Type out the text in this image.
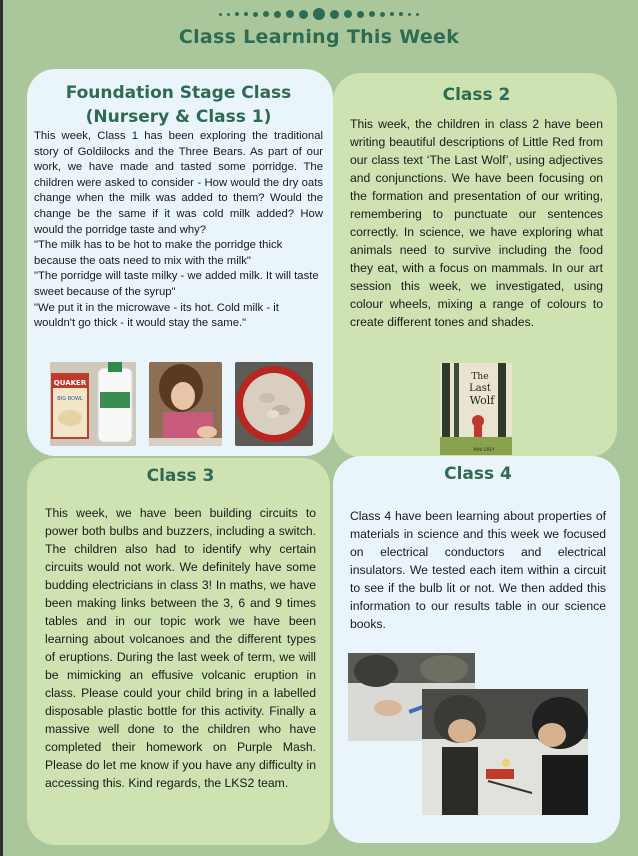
Class Learning This Week
Foundation Stage Class
(Nursery & Class 1)

This week, Class 1 has been exploring the traditional story of Goldilocks and the Three Bears. As part of our work, we have made and tasted some porridge. The children were asked to consider - How would the dry oats change when the milk was added to them? Would the change be the same if it was cold milk added? How would the porridge taste and why?

"The milk has to be hot to make the porridge thick because the oats need to mix with the milk"

"The porridge will taste milky - we added milk. It will taste sweet because of the syrup"

"We put it in the microwave - its hot. Cold milk - it wouldn't go thick - it would stay the same."

QUAKER
BIG BOWL
Class 2

This week, the children in class 2 have been writing beautiful descriptions of Little Red from our class text ‘The Last Wolf’, using adjectives and conjunctions. We have been focusing on the formation and presentation of our writing, remembering to punctuate our sentences correctly. In science, we have exploring what animals need to survive including the food they eat, with a focus on mammals. In our art session this week, we investigated, using colour wheels, mixing a range of colours to create different tones and shades.

The
Last
Wolf
MINI GREY
Class 3

This week, we have been building circuits to power both bulbs and buzzers, including a switch. The children also had to identify why certain circuits would not work. We definitely have some budding electricians in class 3! In maths, we have been making links between the 3, 6 and 9 times tables and in our topic work we have been learning about volcanoes and the different types of eruptions. During the last week of term, we will be mimicking an effusive volcanic eruption in class. Please could your child bring in a labelled disposable plastic bottle for this activity. Finally a massive well done to the children who have completed their homework on Purple Mash. Please do let me know if you have any difficulty in accessing this. Kind regards, the LKS2 team.

Class 4

Class 4 have been learning about properties of materials in science and this week we focused on electrical conductors and electrical insulators. We tested each item within a circuit to see if the bulb lit or not. We then added this information to our results table in our science books.
